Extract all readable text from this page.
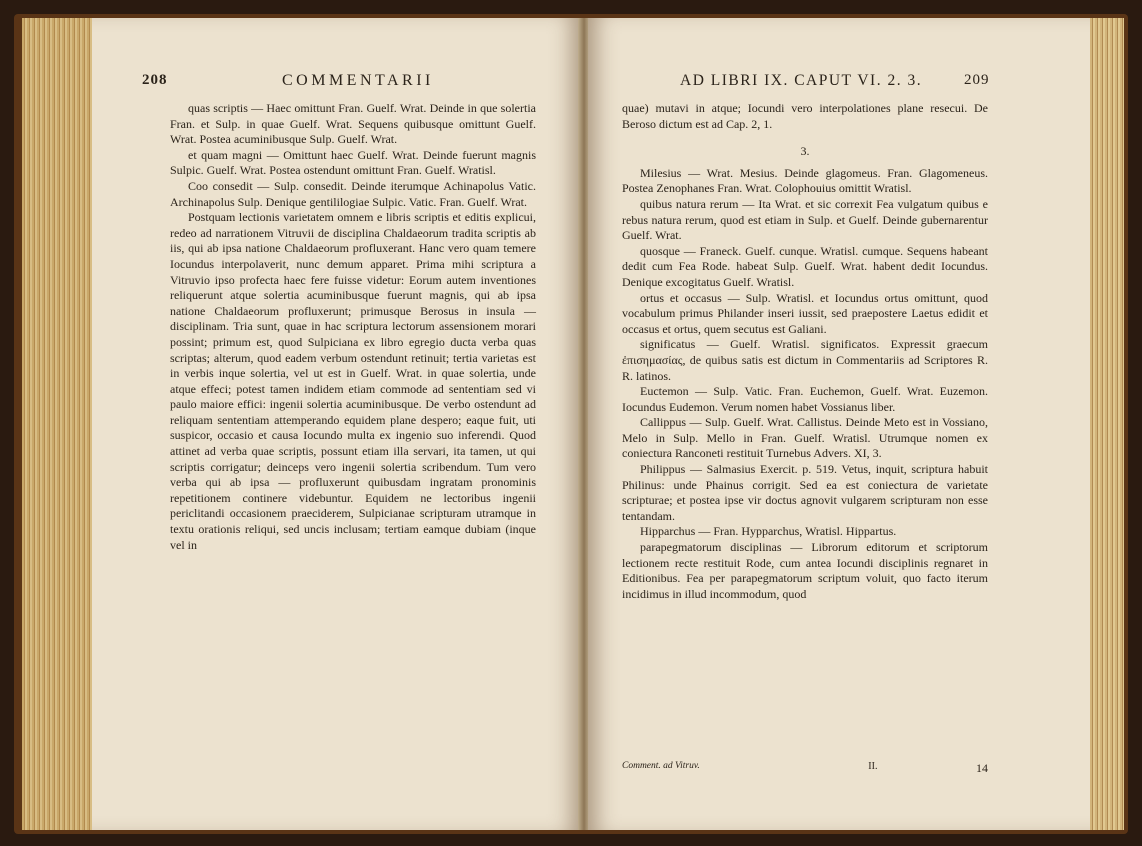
208	COMMENTARII

quas scriptis — Haec omittunt Fran. Guelf. Wrat. Deinde in que solertia Fran. et Sulp. in quae Guelf. Wrat. Sequens quibusque omittunt Guelf. Wrat. Postea acuminibusque Sulp. Guelf. Wrat.

et quam magni — Omittunt haec Guelf. Wrat. Deinde fuerunt magnis Sulpic. Guelf. Wrat. Postea ostendunt omittunt Fran. Guelf. Wratisl.

Coo consedit — Sulp. consedit. Deinde iterumque Achinapolus Vatic. Archinapolus Sulp. Denique gentililogiae Sulpic. Vatic. Fran. Guelf. Wrat.

Postquam lectionis varietatem omnem e libris scriptis et editis explicui, redeo ad narrationem Vitruvii de disciplina Chaldaeorum tradita scriptis ab iis, qui ab ipsa natione Chaldaeorum profluxerant. Hanc vero quam temere Iocundus interpolaverit, nunc demum apparet. Prima mihi scriptura a Vitruvio ipso profecta haec fere fuisse videtur: Eorum autem inventiones reliquerunt atque solertia acuminibusque fuerunt magnis, qui ab ipsa natione Chaldaeorum profluxerunt; primusque Berosus in insula — disciplinam. Tria sunt, quae in hac scriptura lectorum assensionem morari possint; primum est, quod Sulpiciana ex libro egregio ducta verba quas scriptas; alterum, quod eadem verbum ostendunt retinuit; tertia varietas est in verbis inque solertia, vel ut est in Guelf. Wrat. in quae solertia, unde atque effeci; potest tamen indidem etiam commode ad sententiam sed vi paulo maiore effici: ingenii solertia acuminibusque. De verbo ostendunt ad reliquam sententiam attemperando equidem plane despero; eaque fuit, uti suspicor, occasio et causa Iocundo multa ex ingenio suo inferendi. Quod attinet ad verba quae scriptis, possunt etiam illa servari, ita tamen, ut qui scriptis corrigatur; deinceps vero ingenii solertia scribendum. Tum vero verba qui ab ipsa — profluxerunt quibusdam ingratam pronominis repetitionem continere videbuntur. Equidem ne lectoribus ingenii periclitandi occasionem praeciderem, Sulpicianae scripturam utramque in textu orationis reliqui, sed uncis inclusam; tertiam eamque dubiam (inque vel in

AD LIBRI IX. CAPUT VI. 2. 3.	209

quae) mutavi in atque; Iocundi vero interpolationes plane resecui. De Beroso dictum est ad Cap. 2, 1.

3.

Milesius — Wrat. Mesius. Deinde glagomeus. Fran. Glagomeneus. Postea Zenophanes Fran. Wrat. Colophouius omittit Wratisl.

quibus natura rerum — Ita Wrat. et sic correxit Fea vulgatum quibus e rebus natura rerum, quod est etiam in Sulp. et Guelf. Deinde gubernarentur Guelf. Wrat.

quosque — Franeck. Guelf. cunque. Wratisl. cumque. Sequens habeant dedit cum Fea Rode. habeat Sulp. Guelf. Wrat. habent dedit Iocundus. Denique excogitatus Guelf. Wratisl.

ortus et occasus — Sulp. Wratisl. et Iocundus ortus omittunt, quod vocabulum primus Philander inseri iussit, sed praepostere Laetus edidit et occasus et ortus, quem secutus est Galiani.

significatus — Guelf. Wratisl. significatos. Expressit graecum ἐπισημασίας, de quibus satis est dictum in Commentariis ad Scriptores R. R. latinos.

Euctemon — Sulp. Vatic. Fran. Euchemon, Guelf. Wrat. Euzemon. Iocundus Eudemon. Verum nomen habet Vossianus liber.

Callippus — Sulp. Guelf. Wrat. Callistus. Deinde Meto est in Vossiano, Melo in Sulp. Mello in Fran. Guelf. Wratisl. Utrumque nomen ex coniectura Ranconeti restituit Turnebus Advers. XI, 3.

Philippus — Salmasius Exercit. p. 519. Vetus, inquit, scriptura habuit Philinus: unde Phainus corrigit. Sed ea est coniectura de varietate scripturae; et postea ipse vir doctus agnovit vulgarem scripturam non esse tentandam.

Hipparchus — Fran. Hypparchus, Wratisl. Hippartus.

parapegmatorum disciplinas — Librorum editorum et scriptorum lectionem recte restituit Rode, cum antea Iocundi disciplinis regnaret in Editionibus. Fea per parapegmatorum scriptum voluit, quo facto iterum incidimus in illud incommodum, quod

Comment. ad Vitruv.	II.	14
